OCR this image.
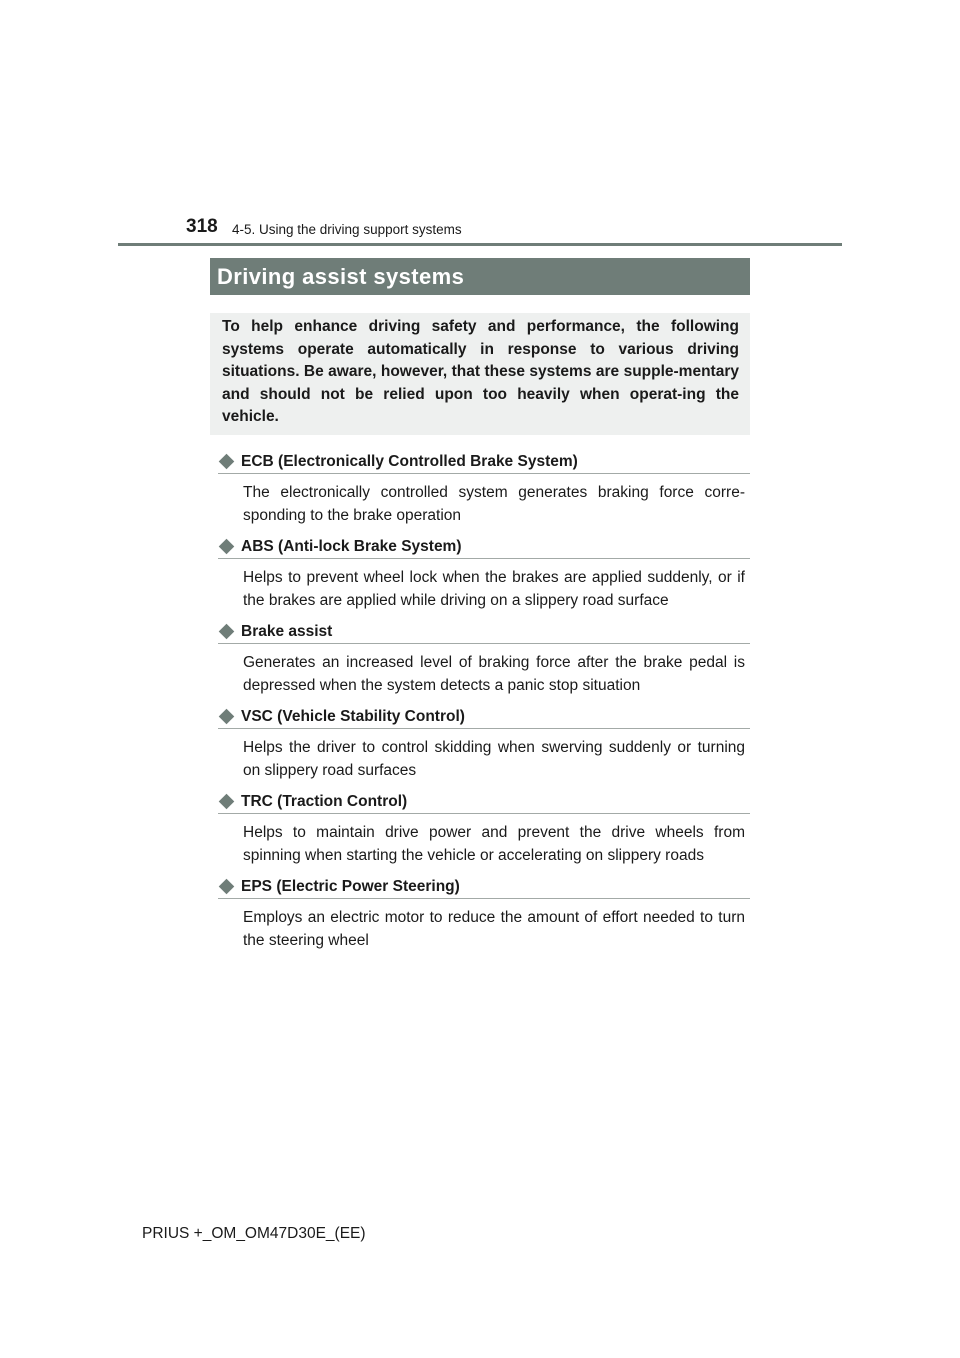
318 4-5. Using the driving support systems
Driving assist systems

To help enhance driving safety and performance, the following systems operate automatically in response to various driving situations. Be aware, however, that these systems are supple-mentary and should not be relied upon too heavily when operat-ing the vehicle.

ECB (Electronically Controlled Brake System)

The electronically controlled system generates braking force corre-sponding to the brake operation

ABS (Anti-lock Brake System)

Helps to prevent wheel lock when the brakes are applied suddenly, or if the brakes are applied while driving on a slippery road surface

Brake assist

Generates an increased level of braking force after the brake pedal is depressed when the system detects a panic stop situation

VSC (Vehicle Stability Control)

Helps the driver to control skidding when swerving suddenly or turning on slippery road surfaces

TRC (Traction Control)

Helps to maintain drive power and prevent the drive wheels from spinning when starting the vehicle or accelerating on slippery roads

EPS (Electric Power Steering)

Employs an electric motor to reduce the amount of effort needed to turn the steering wheel

PRIUS +_OM_OM47D30E_(EE)
